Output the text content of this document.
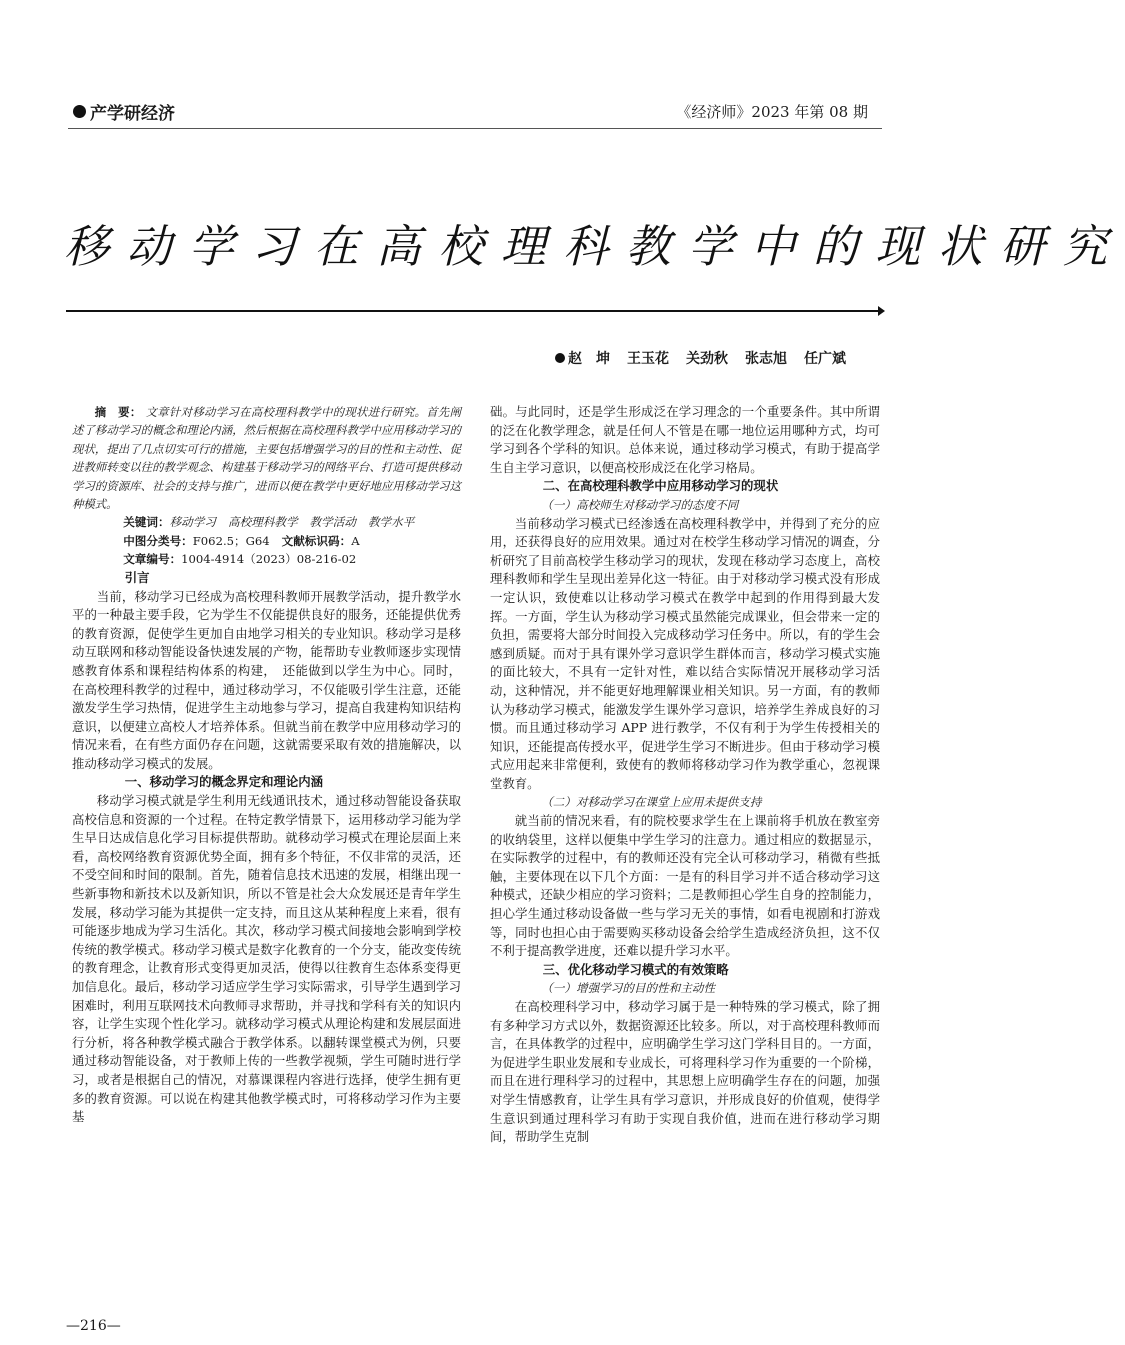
产学研经济	《经济师》2023 年第 08 期
移动学习在高校理科教学中的现状研究
赵　坤 王玉花 关劲秋 张志旭 任广斌

摘　要： 文章针对移动学习在高校理科教学中的现状进行研究。首先阐述了移动学习的概念和理论内涵，然后根据在高校理科教学中应用移动学习的现状，提出了几点切实可行的措施，主要包括增强学习的目的性和主动性、促进教师转变以往的教学观念、构建基于移动学习的网络平台、打造可提供移动学习的资源库、社会的支持与推广，进而以便在教学中更好地应用移动学习这种模式。

关键词：移动学习 高校理科教学 教学活动 教学水平

中图分类号：F062.5；G64 文献标识码：A

文章编号：1004-4914（2023）08-216-02

引言

当前，移动学习已经成为高校理科教师开展教学活动，提升教学水平的一种最主要手段，它为学生不仅能提供良好的服务，还能提供优秀的教育资源，促使学生更加自由地学习相关的专业知识。移动学习是移动互联网和移动智能设备快速发展的产物，能帮助专业教师逐步实现情感教育体系和课程结构体系的构建，　还能做到以学生为中心。同时，在高校理科教学的过程中，通过移动学习，不仅能吸引学生注意，还能激发学生学习热情，促进学生主动地参与学习，提高自我建构知识结构意识，以便建立高校人才培养体系。但就当前在教学中应用移动学习的情况来看，在有些方面仍存在问题，这就需要采取有效的措施解决，以推动移动学习模式的发展。

一、移动学习的概念界定和理论内涵

移动学习模式就是学生利用无线通讯技术，通过移动智能设备获取高校信息和资源的一个过程。在特定教学情景下，运用移动学习能为学生早日达成信息化学习目标提供帮助。就移动学习模式在理论层面上来看，高校网络教育资源优势全面，拥有多个特征，不仅非常的灵活，还不受空间和时间的限制。首先，随着信息技术迅速的发展，相继出现一些新事物和新技术以及新知识，所以不管是社会大众发展还是青年学生发展，移动学习能为其提供一定支持，而且这从某种程度上来看，很有可能逐步地成为学习生活化。其次，移动学习模式间接地会影响到学校传统的教学模式。移动学习模式是数字化教育的一个分支，能改变传统的教育理念，让教育形式变得更加灵活，使得以往教育生态体系变得更加信息化。最后，移动学习适应学生学习实际需求，引导学生遇到学习困难时，利用互联网技术向教师寻求帮助，并寻找和学科有关的知识内容，让学生实现个性化学习。就移动学习模式从理论构建和发展层面进行分析，将各种教学模式融合于教学体系。以翻转课堂模式为例，只要通过移动智能设备，对于教师上传的一些教学视频，学生可随时进行学习，或者是根据自己的情况，对慕课课程内容进行选择，使学生拥有更多的教育资源。可以说在构建其他教学模式时，可将移动学习作为主要基

础。与此同时，还是学生形成泛在学习理念的一个重要条件。其中所谓的泛在化教学理念，就是任何人不管是在哪一地位运用哪种方式，均可学习到各个学科的知识。总体来说，通过移动学习模式，有助于提高学生自主学习意识，以便高校形成泛在化学习格局。

二、在高校理科教学中应用移动学习的现状

（一）高校师生对移动学习的态度不同

当前移动学习模式已经渗透在高校理科教学中，并得到了充分的应用，还获得良好的应用效果。通过对在校学生移动学习情况的调查，分析研究了目前高校学生移动学习的现状，发现在移动学习态度上，高校理科教师和学生呈现出差异化这一特征。由于对移动学习模式没有形成一定认识，致使难以让移动学习模式在教学中起到的作用得到最大发挥。一方面，学生认为移动学习模式虽然能完成课业，但会带来一定的负担，需要将大部分时间投入完成移动学习任务中。所以，有的学生会感到质疑。而对于具有课外学习意识学生群体而言，移动学习模式实施的面比较大，不具有一定针对性，难以结合实际情况开展移动学习活动，这种情况，并不能更好地理解课业相关知识。另一方面，有的教师认为移动学习模式，能激发学生课外学习意识，培养学生养成良好的习惯。而且通过移动学习 APP 进行教学，不仅有利于为学生传授相关的知识，还能提高传授水平，促进学生学习不断进步。但由于移动学习模式应用起来非常便利，致使有的教师将移动学习作为教学重心，忽视课堂教育。

（二）对移动学习在课堂上应用未提供支持

就当前的情况来看，有的院校要求学生在上课前将手机放在教室旁的收纳袋里，这样以便集中学生学习的注意力。通过相应的数据显示，在实际教学的过程中，有的教师还没有完全认可移动学习，稍微有些抵触，主要体现在以下几个方面：一是有的科目学习并不适合移动学习这种模式，还缺少相应的学习资料；二是教师担心学生自身的控制能力，担心学生通过移动设备做一些与学习无关的事情，如看电视剧和打游戏等，同时也担心由于需要购买移动设备会给学生造成经济负担，这不仅不利于提高教学进度，还难以提升学习水平。

三、优化移动学习模式的有效策略

（一）增强学习的目的性和主动性

在高校理科学习中，移动学习属于是一种特殊的学习模式，除了拥有多种学习方式以外，数据资源还比较多。所以，对于高校理科教师而言，在具体教学的过程中，应明确学生学习这门学科目目的。一方面，为促进学生职业发展和专业成长，可将理科学习作为重要的一个阶梯，而且在进行理科学习的过程中，其思想上应明确学生存在的问题，加强对学生情感教育，让学生具有学习意识，并形成良好的价值观，使得学生意识到通过理科学习有助于实现自我价值，进而在进行移动学习期间，帮助学生克制

—216—
